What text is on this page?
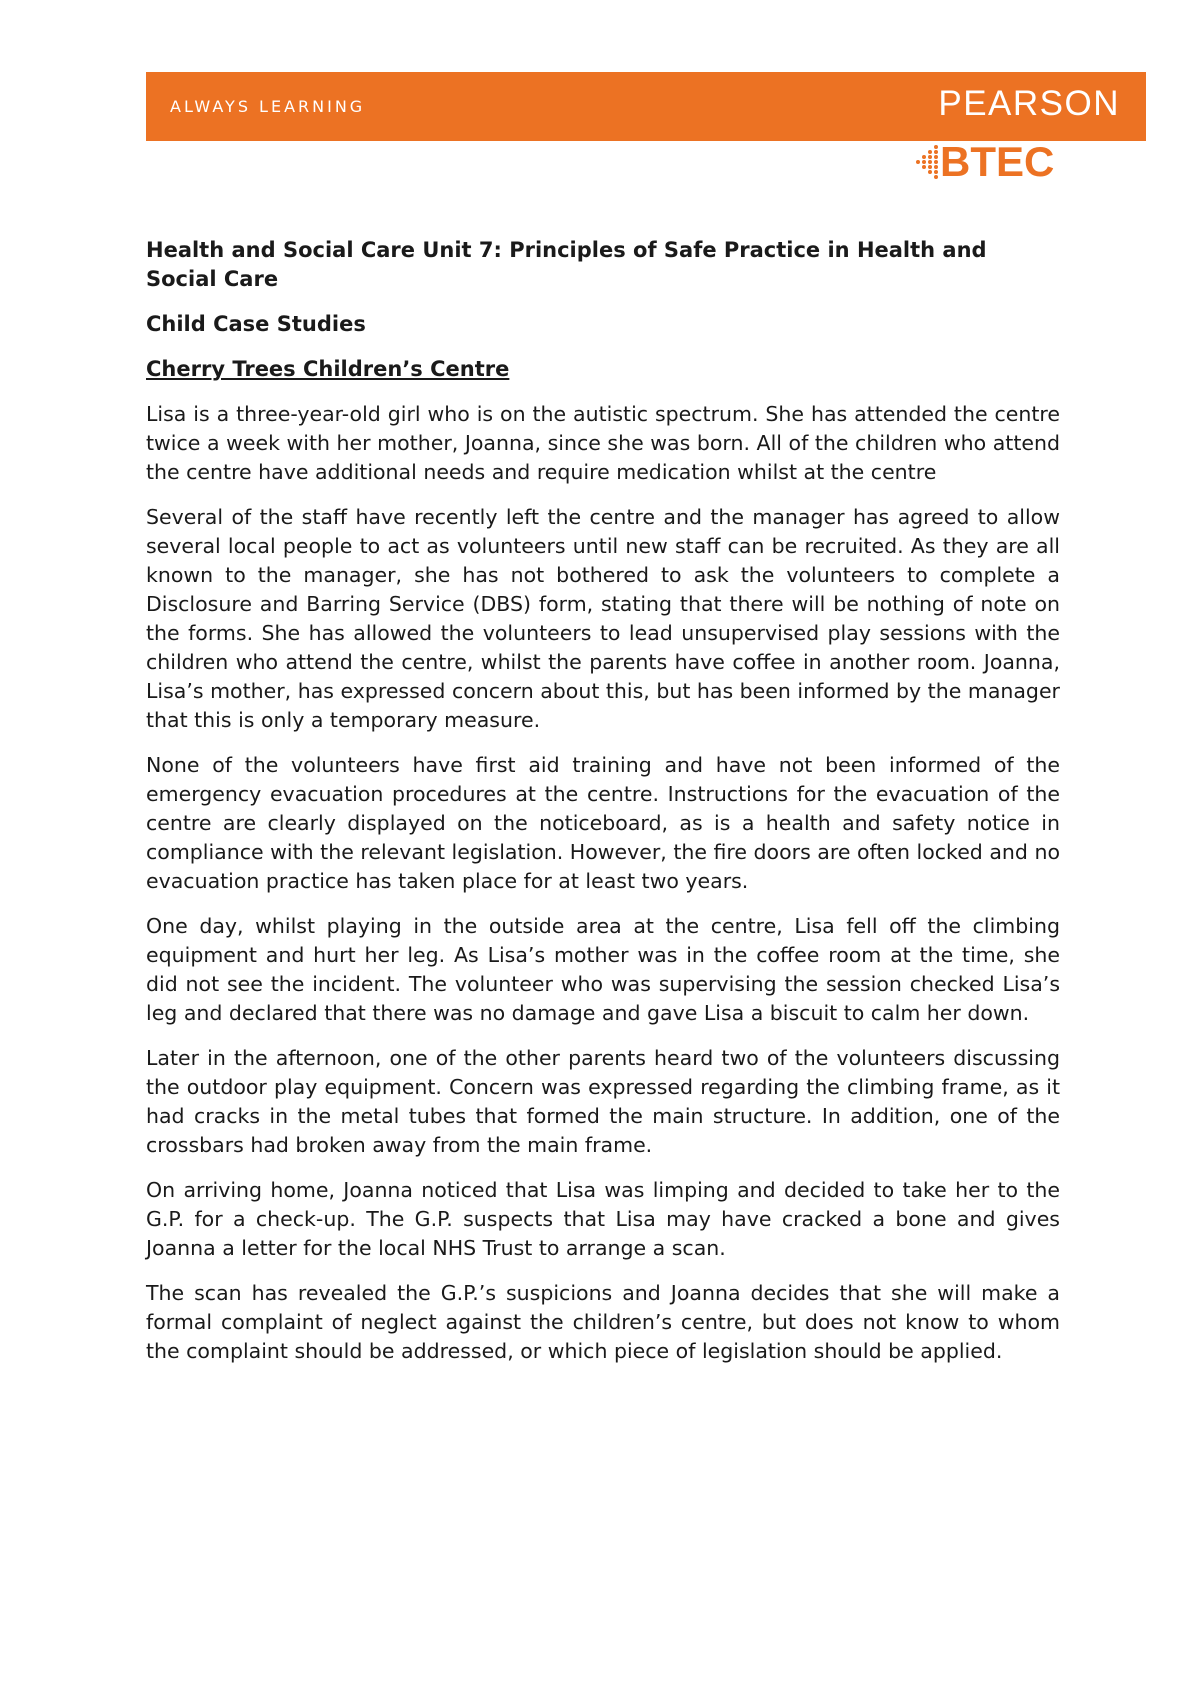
ALWAYS LEARNING	PEARSON
BTEC

Health and Social Care Unit 7: Principles of Safe Practice in Health and Social Care

Child Case Studies

Cherry Trees Children’s Centre

Lisa is a three-year-old girl who is on the autistic spectrum. She has attended the centre twice a week with her mother, Joanna, since she was born. All of the children who attend the centre have additional needs and require medication whilst at the centre

Several of the staff have recently left the centre and the manager has agreed to allow several local people to act as volunteers until new staff can be recruited. As they are all known to the manager, she has not bothered to ask the volunteers to complete a Disclosure and Barring Service (DBS) form, stating that there will be nothing of note on the forms. She has allowed the volunteers to lead unsupervised play sessions with the children who attend the centre, whilst the parents have coffee in another room. Joanna, Lisa’s mother, has expressed concern about this, but has been informed by the manager that this is only a temporary measure.

None of the volunteers have first aid training and have not been informed of the emergency evacuation procedures at the centre. Instructions for the evacuation of the centre are clearly displayed on the noticeboard, as is a health and safety notice in compliance with the relevant legislation. However, the fire doors are often locked and no evacuation practice has taken place for at least two years.

One day, whilst playing in the outside area at the centre, Lisa fell off the climbing equipment and hurt her leg. As Lisa’s mother was in the coffee room at the time, she did not see the incident. The volunteer who was supervising the session checked Lisa’s leg and declared that there was no damage and gave Lisa a biscuit to calm her down.

Later in the afternoon, one of the other parents heard two of the volunteers discussing the outdoor play equipment. Concern was expressed regarding the climbing frame, as it had cracks in the metal tubes that formed the main structure. In addition, one of the crossbars had broken away from the main frame.

On arriving home, Joanna noticed that Lisa was limping and decided to take her to the G.P. for a check-up. The G.P. suspects that Lisa may have cracked a bone and gives Joanna a letter for the local NHS Trust to arrange a scan.

The scan has revealed the G.P.’s suspicions and Joanna decides that she will make a formal complaint of neglect against the children’s centre, but does not know to whom the complaint should be addressed, or which piece of legislation should be applied.
